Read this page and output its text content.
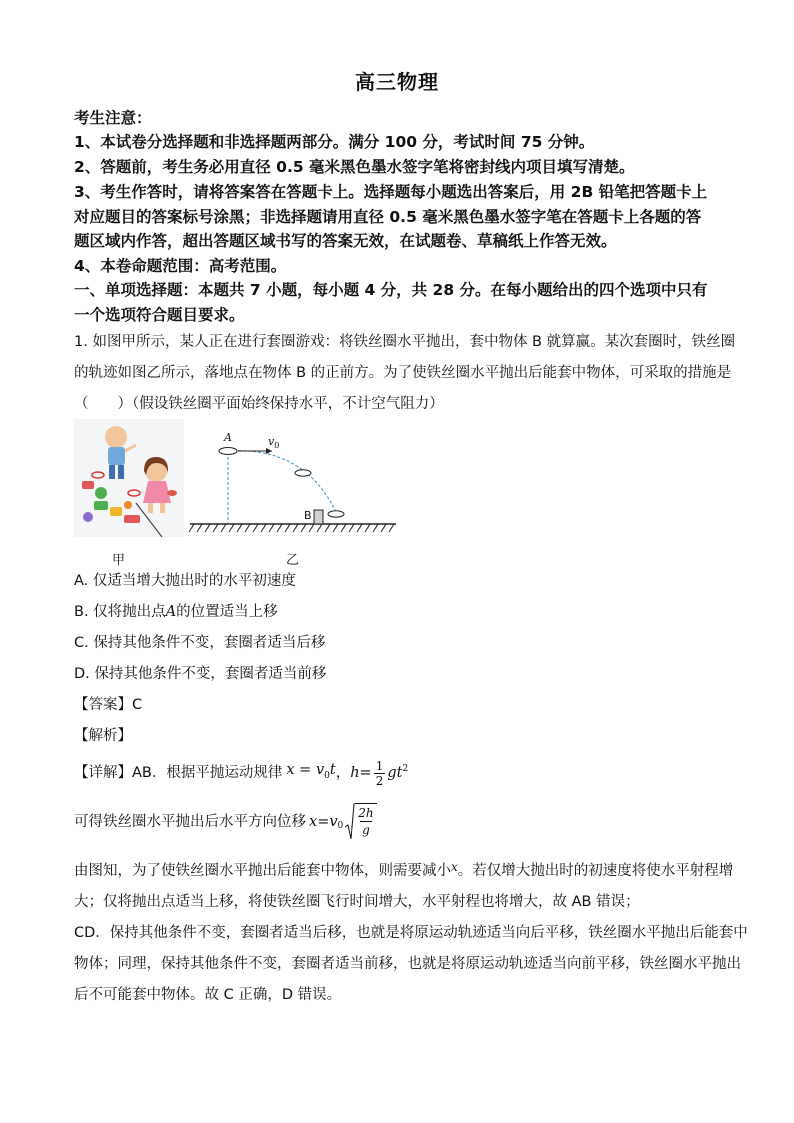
高三物理
考生注意：
1、本试卷分选择题和非选择题两部分。满分 100 分，考试时间 75 分钟。
2、答题前，考生务必用直径 0.5 毫米黑色墨水签字笔将密封线内项目填写清楚。
3、考生作答时，请将答案答在答题卡上。选择题每小题选出答案后，用 2B 铅笔把答题卡上
对应题目的答案标号涂黑；非选择题请用直径 0.5 毫米黑色墨水签字笔在答题卡上各题的答
题区域内作答，超出答题区域书写的答案无效，在试题卷、草稿纸上作答无效。
4、本卷命题范围：高考范围。
一、单项选择题：本题共 7 小题，每小题 4 分，共 28 分。在每小题给出的四个选项中只有
一个选项符合题目要求。
1. 如图甲所示，某人正在进行套圈游戏：将铁丝圈水平抛出，套中物体 B 就算赢。某次套圈时，铁丝圈
的轨迹如图乙所示，落地点在物体 B 的正前方。为了使铁丝圈水平抛出后能套中物体，可采取的措施是
（　　）（假设铁丝圈平面始终保持水平，不计空气阻力）
甲
A	$v_0$
B
乙
A. 仅适当增大抛出时的水平初速度
B. 仅将抛出点A的位置适当上移
C. 保持其他条件不变，套圈者适当后移
D. 保持其他条件不变，套圈者适当前移
【答案】C
【解析】
【详解】 AB．根据平抛运动规律 $x = v_0t$ ， $h = \frac{1}{2} gt^2$
可得铁丝圈水平抛出后水平方向位移 $x = v_0$
2h
g
由图知，为了使铁丝圈水平抛出后能套中物体，则需要减小$^x$。若仅增大抛出时的初速度将使水平射程增
大；仅将抛出点适当上移，将使铁丝圈飞行时间增大，水平射程也将增大，故 AB 错误；
CD．保持其他条件不变，套圈者适当后移，也就是将原运动轨迹适当向后平移，铁丝圈水平抛出后能套中
物体；同理，保持其他条件不变，套圈者适当前移，也就是将原运动轨迹适当向前平移，铁丝圈水平抛出
后不可能套中物体。故 C 正确，D 错误。
